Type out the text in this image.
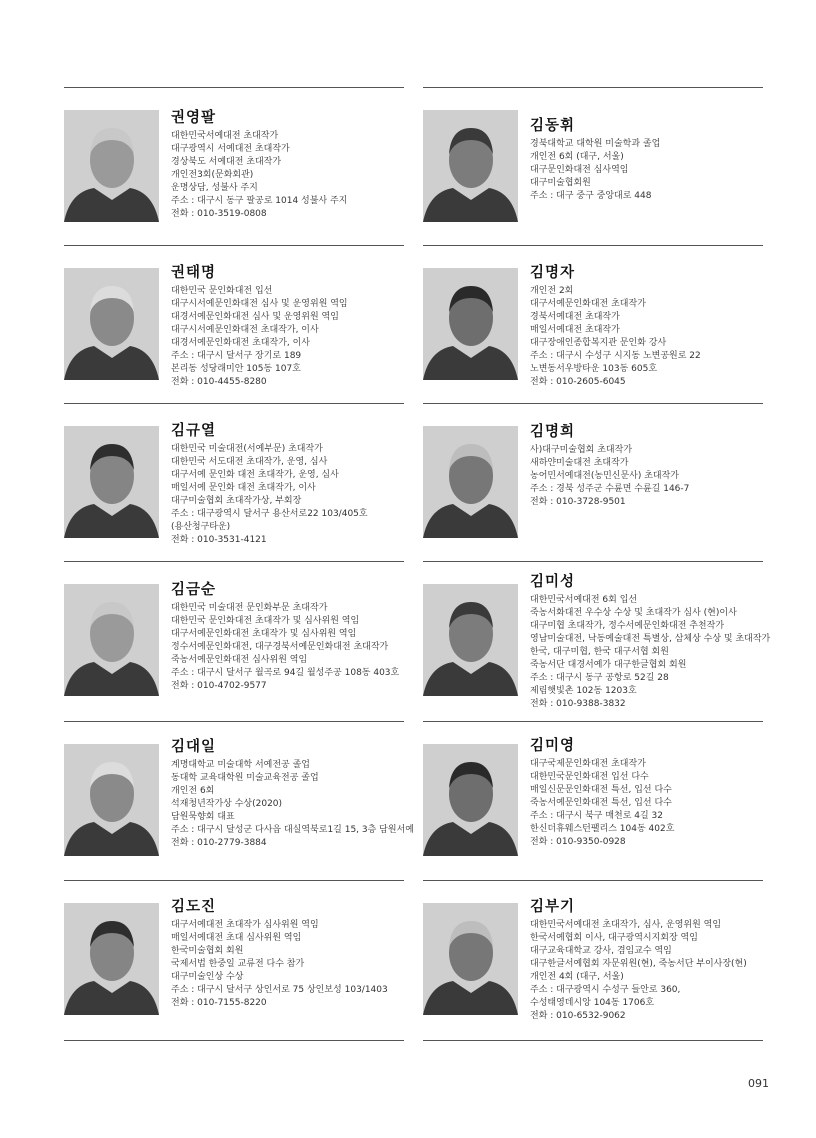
권영팔
대한민국서예대전 초대작가
대구광역시 서예대전 초대작가
경상북도 서예대전 초대작가
개인전3회(문화회관)
운명상담, 성불사 주지
주소 : 대구시 동구 팔공로 1014 성불사 주지
전화 : 010-3519-0808
김동휘
경북대학교 대학원 미술학과 졸업
개인전 6회 (대구, 서울)
대구문인화대전 심사역임
대구미술협회원
주소 : 대구 중구 중앙대로 448
권태명
대한민국 문인화대전 입선
대구시서예문인화대전 심사 및 운영위원 역임
대경서예문인화대전 심사 및 운영위원 역임
대구시서예문인화대전 초대작가, 이사
대경서예문인화대전 초대작가, 이사
주소 : 대구시 달서구 장기로 189
본리동 성당래미안 105동 107호
전화 : 010-4455-8280
김명자
개인전 2회
대구서예문인화대전 초대작가
경북서예대전 초대작가
매일서예대전 초대작가
대구장애인종합복지관 문인화 강사
주소 : 대구시 수성구 시지동 노변공원로 22
노변동서우방타운 103동 605호
전화 : 010-2605-6045
김규열
대한민국 미술대전(서예부문) 초대작가
대한민국 서도대전 초대작가, 운영, 심사
대구서예 문인화 대전 초대작가, 운영, 심사
매일서예 문인화 대전 초대작가, 이사
대구미술협회 초대작가상, 부회장
주소 : 대구광역시 달서구 용산서로22 103/405호
(용산청구타운)
전화 : 010-3531-4121
김명희
사)대구미술협회 초대작가
새하얀미술대전 초대작가
농어민서예대전(농민신문사) 초대작가
주소 : 경북 성주군 수륜면 수륜길 146-7
전화 : 010-3728-9501
김금순
대한민국 미술대전 문인화부문 초대작가
대한민국 문인화대전 초대작가 및 심사위원 역임
대구서예문인화대전 초대작가 및 심사위원 역임
정수서예문인화대전, 대구경북서예문인화대전 초대작가
죽농서예문인화대전 심사위원 역임
주소 : 대구시 달서구 월곡로 94길 월성주공 108동 403호
전화 : 010-4702-9577
김미성
대한민국서예대전 6회 입선
죽농서화대전 우수상 수상 및 초대작가 심사 (현)이사
대구미협 초대작가, 정수서예문인화대전 추천작가
영남미술대전, 낙동예술대전 특별상, 삼체상 수상 및 초대작가
한국, 대구미협, 한국 대구서협 회원
죽농서단 대경서예가 대구한글협회 회원
주소 : 대구시 동구 공항로 52길 28
제림햇빛촌 102동 1203호
전화 : 010-9388-3832
김대일
계명대학교 미술대학 서예전공 졸업
동대학 교육대학원 미술교육전공 졸업
개인전 6회
석재청년작가상 수상(2020)
담원묵향회 대표
주소 : 대구시 달성군 다사읍 대실역북로1길 15, 3층 담원서예
전화 : 010-2779-3884
김미영
대구국제문인화대전 초대작가
대한민국문인화대전 입선 다수
매일신문문인화대전 특선, 입선 다수
죽농서예문인화대전 특선, 입선 다수
주소 : 대구시 북구 매천로 4길 32
한신더휴웨스턴팰리스 104동 402호
전화 : 010-9350-0928
김도진
대구서예대전 초대작가 심사위원 역임
매일서예대전 초대 심사위원 역임
한국미술협회 회원
국제서법 한중일 교류전 다수 참가
대구미술인상 수상
주소 : 대구시 달서구 상인서로 75 상인보성 103/1403
전화 : 010-7155-8220
김부기
대한민국서예대전 초대작가, 심사, 운영위원 역임
한국서예협회 이사, 대구광역시지회장 역임
대구교육대학교 강사, 겸임교수 역임
대구한글서예협회 자문위원(현), 죽농서단 부이사장(현)
개인전 4회 (대구, 서울)
주소 : 대구광역시 수성구 들안로 360,
수성태영데시앙 104동 1706호
전화 : 010-6532-9062
091
